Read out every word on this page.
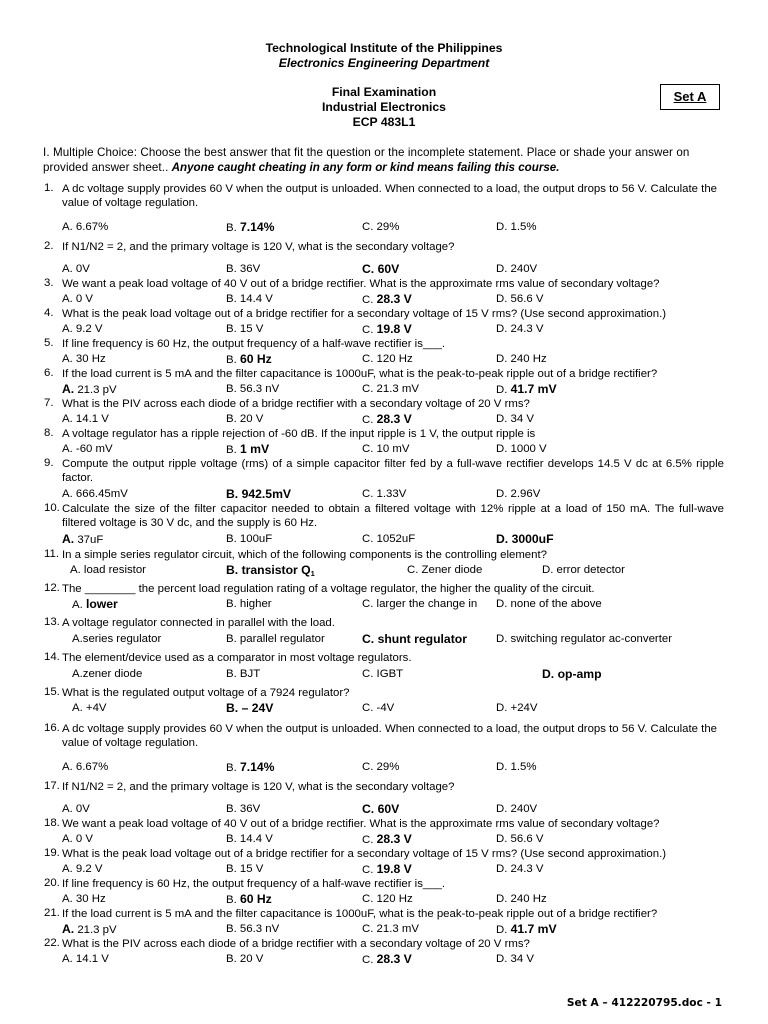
Technological Institute of the Philippines
Electronics Engineering Department
Final Examination
Industrial Electronics
ECP 483L1
Set A
I. Multiple Choice: Choose the best answer that fit the question or the incomplete statement. Place or shade your answer on provided answer sheet.. Anyone caught cheating in any form or kind means failing this course.
1. A dc voltage supply provides 60 V when the output is unloaded. When connected to a load, the output drops to 56 V. Calculate the value of voltage regulation.
A. 6.67%	B. 7.14%	C. 29%	D. 1.5%
2. If N1/N2 = 2, and the primary voltage is 120 V, what is the secondary voltage?
A. 0V	B. 36V	C. 60V	D. 240V
3. We want a peak load voltage of 40 V out of a bridge rectifier. What is the approximate rms value of secondary voltage?
A. 0 V	B. 14.4 V	C. 28.3 V	D. 56.6 V
4. What is the peak load voltage out of a bridge rectifier for a secondary voltage of 15 V rms? (Use second approximation.)
A. 9.2 V	B. 15 V	C. 19.8 V	D. 24.3 V
5. If line frequency is 60 Hz, the output frequency of a half-wave rectifier is___.
A. 30 Hz	B. 60 Hz	C. 120 Hz	D. 240 Hz
6. If the load current is 5 mA and the filter capacitance is 1000uF, what is the peak-to-peak ripple out of a bridge rectifier?
A. 21.3 pV	B. 56.3 nV	C. 21.3 mV	D. 41.7 mV
7. What is the PIV across each diode of a bridge rectifier with a secondary voltage of 20 V rms?
A. 14.1 V	B. 20 V	C. 28.3 V	D. 34 V
8. A voltage regulator has a ripple rejection of -60 dB. If the input ripple is 1 V, the output ripple is
A. -60 mV	B. 1 mV	C. 10 mV	D. 1000 V
9. Compute the output ripple voltage (rms) of a simple capacitor filter fed by a full-wave rectifier develops 14.5 V dc at 6.5% ripple factor.
A. 666.45mV	B. 942.5mV	C. 1.33V	D. 2.96V
10. Calculate the size of the filter capacitor needed to obtain a filtered voltage with 12% ripple at a load of 150 mA. The full-wave filtered voltage is 30 V dc, and the supply is 60 Hz.
A. 37uF	B. 100uF	C. 1052uF	D. 3000uF
11. In a simple series regulator circuit, which of the following components is the controlling element?
A. load resistor	B. transistor $Q_1$	C. Zener diode	D. error detector
12. The ________ the percent load regulation rating of a voltage regulator, the higher the quality of the circuit.
A. lower	B. higher	C. larger the change in D. none of the above
13. A voltage regulator connected in parallel with the load.
A.series regulator	B. parallel regulator	C. shunt regulator	D. switching regulator ac-converter
14. The element/device used as a comparator in most voltage regulators.
A.zener diode	B. BJT	C. IGBT	D. op-amp
15. What is the regulated output voltage of a 7924 regulator?
A. +4V	B. – 24V	C. -4V	D. +24V
16. A dc voltage supply provides 60 V when the output is unloaded. When connected to a load, the output drops to 56 V. Calculate the value of voltage regulation.
A. 6.67%	B. 7.14%	C. 29%	D. 1.5%
17. If N1/N2 = 2, and the primary voltage is 120 V, what is the secondary voltage?
A. 0V	B. 36V	C. 60V	D. 240V
18. We want a peak load voltage of 40 V out of a bridge rectifier. What is the approximate rms value of secondary voltage?
A. 0 V	B. 14.4 V	C. 28.3 V	D. 56.6 V
19. What is the peak load voltage out of a bridge rectifier for a secondary voltage of 15 V rms? (Use second approximation.)
A. 9.2 V	B. 15 V	C. 19.8 V	D. 24.3 V
20. If line frequency is 60 Hz, the output frequency of a half-wave rectifier is___.
A. 30 Hz	B. 60 Hz	C. 120 Hz	D. 240 Hz
21. If the load current is 5 mA and the filter capacitance is 1000uF, what is the peak-to-peak ripple out of a bridge rectifier?
A. 21.3 pV	B. 56.3 nV	C. 21.3 mV	D. 41.7 mV
22. What is the PIV across each diode of a bridge rectifier with a secondary voltage of 20 V rms?
A. 14.1 V	B. 20 V	C. 28.3 V	D. 34 V
Set A – 412220795.doc - 1
